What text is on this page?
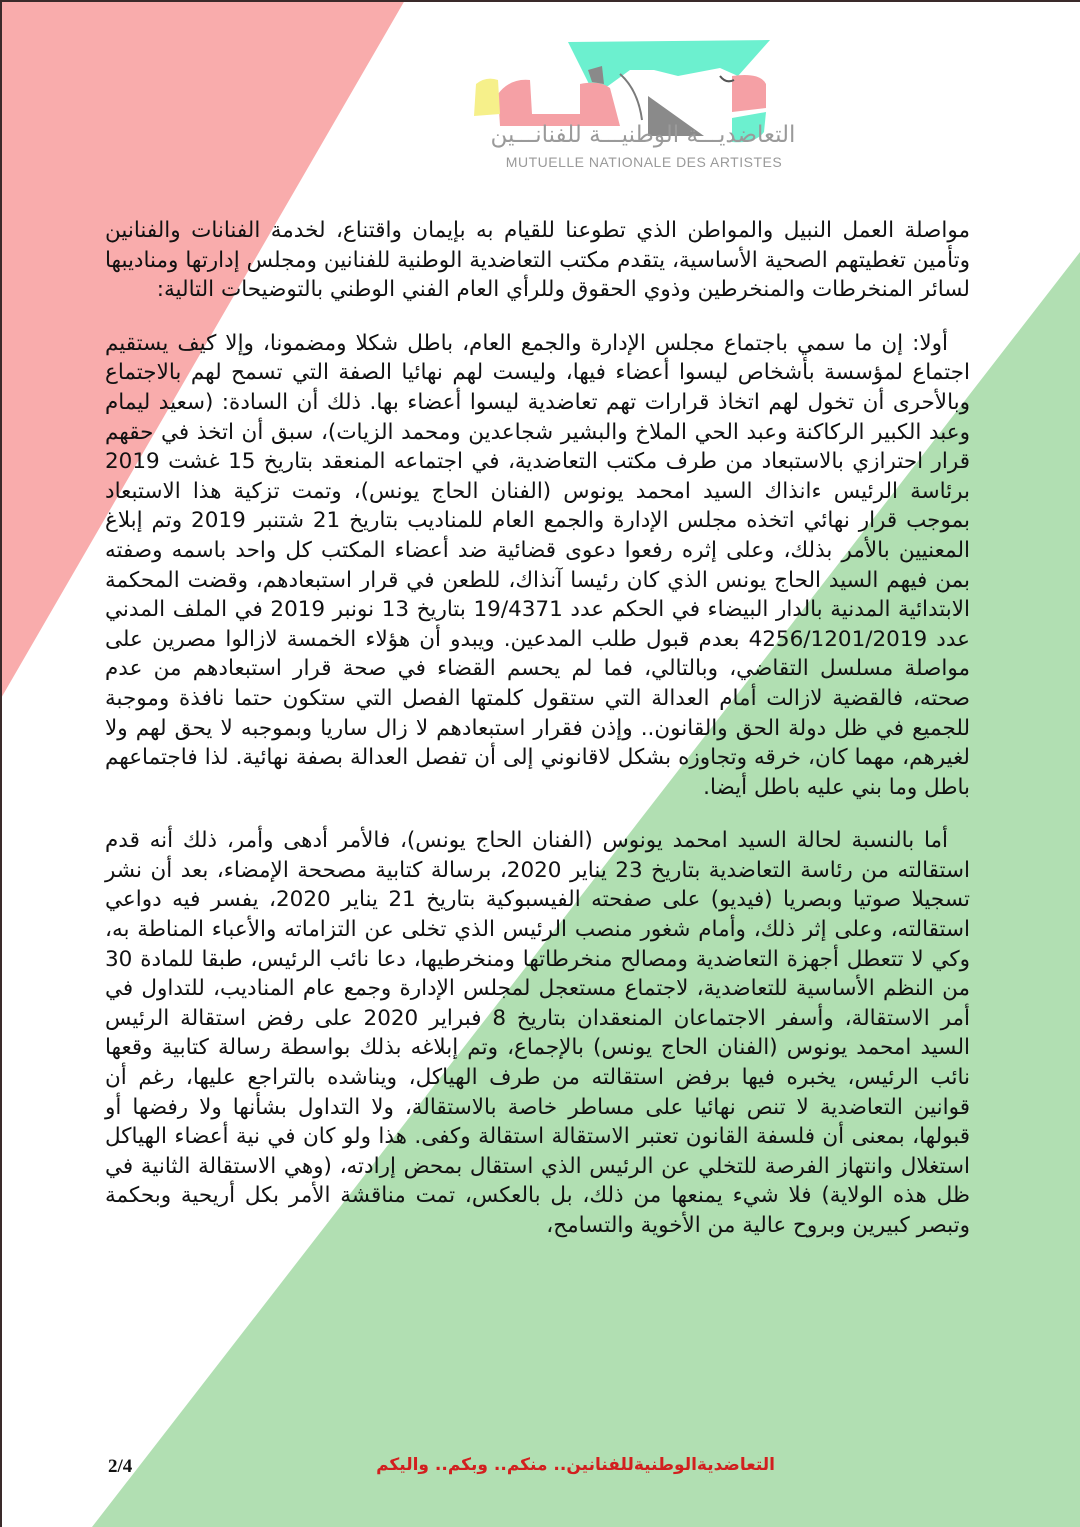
التعاضديـــة الوطنيـــة للفنانـــين
MUTUELLE NATIONALE DES ARTISTES

مواصلة العمل النبيل والمواطن الذي تطوعنا للقيام به بإيمان واقتناع، لخدمة الفنانات والفنانين وتأمين تغطيتهم الصحية الأساسية، يتقدم مكتب التعاضدية الوطنية للفنانين ومجلس إدارتها ومناديبها لسائر المنخرطات والمنخرطين وذوي الحقوق وللرأي العام الفني الوطني بالتوضيحات التالية:

أولا: إن ما سمي باجتماع مجلس الإدارة والجمع العام، باطل شكلا ومضمونا، وإلا كيف يستقيم اجتماع لمؤسسة بأشخاص ليسوا أعضاء فيها، وليست لهم نهائيا الصفة التي تسمح لهم بالاجتماع وبالأحرى أن تخول لهم اتخاذ قرارات تهم تعاضدية ليسوا أعضاء بها. ذلك أن السادة: (سعيد ليمام وعبد الكبير الركاكنة وعبد الحي الملاخ والبشير شجاعدين ومحمد الزيات)، سبق أن اتخذ في حقهم قرار احترازي بالاستبعاد من طرف مكتب التعاضدية، في اجتماعه المنعقد بتاريخ 15 غشت 2019 برئاسة الرئيس ءانذاك السيد امحمد يونوس (الفنان الحاج يونس)، وتمت تزكية هذا الاستبعاد بموجب قرار نهائي اتخذه مجلس الإدارة والجمع العام للمناديب بتاريخ 21 شتنبر 2019 وتم إبلاغ المعنيين بالأمر بذلك، وعلى إثره رفعوا دعوى قضائية ضد أعضاء المكتب كل واحد باسمه وصفته بمن فيهم السيد الحاج يونس الذي كان رئيسا آنذاك، للطعن في قرار استبعادهم، وقضت المحكمة الابتدائية المدنية بالدار البيضاء في الحكم عدد 19/4371 بتاريخ 13 نونبر 2019 في الملف المدني عدد 4256/1201/2019 بعدم قبول طلب المدعين. ويبدو أن هؤلاء الخمسة لازالوا مصرين على مواصلة مسلسل التقاضي، وبالتالي، فما لم يحسم القضاء في صحة قرار استبعادهم من عدم صحته، فالقضية لازالت أمام العدالة التي ستقول كلمتها الفصل التي ستكون حتما نافذة وموجبة للجميع في ظل دولة الحق والقانون.. وإذن فقرار استبعادهم لا زال ساريا وبموجبه لا يحق لهم ولا لغيرهم، مهما كان، خرقه وتجاوزه بشكل لاقانوني إلى أن تفصل العدالة بصفة نهائية. لذا فاجتماعهم باطل وما بني عليه باطل أيضا.

أما بالنسبة لحالة السيد امحمد يونوس (الفنان الحاج يونس)، فالأمر أدهى وأمر، ذلك أنه قدم استقالته من رئاسة التعاضدية بتاريخ 23 يناير 2020، برسالة كتابية مصححة الإمضاء، بعد أن نشر تسجيلا صوتيا وبصريا (فيديو) على صفحته الفيسبوكية بتاريخ 21 يناير 2020، يفسر فيه دواعي استقالته، وعلى إثر ذلك، وأمام شغور منصب الرئيس الذي تخلى عن التزاماته والأعباء المناطة به، وكي لا تتعطل أجهزة التعاضدية ومصالح منخرطاتها ومنخرطيها، دعا نائب الرئيس، طبقا للمادة 30 من النظم الأساسية للتعاضدية، لاجتماع مستعجل لمجلس الإدارة وجمع عام المناديب، للتداول في أمر الاستقالة، وأسفر الاجتماعان المنعقدان بتاريخ 8 فبراير 2020 على رفض استقالة الرئيس السيد امحمد يونوس (الفنان الحاج يونس) بالإجماع، وتم إبلاغه بذلك بواسطة رسالة كتابية وقعها نائب الرئيس، يخبره فيها برفض استقالته من طرف الهياكل، ويناشده بالتراجع عليها، رغم أن قوانين التعاضدية لا تنص نهائيا على مساطر خاصة بالاستقالة، ولا التداول بشأنها ولا رفضها أو قبولها، بمعنى أن فلسفة القانون تعتبر الاستقالة استقالة وكفى. هذا ولو كان في نية أعضاء الهياكل استغلال وانتهاز الفرصة للتخلي عن الرئيس الذي استقال بمحض إرادته، (وهي الاستقالة الثانية في ظل هذه الولاية) فلا شيء يمنعها من ذلك، بل بالعكس، تمت مناقشة الأمر بكل أريحية وبحكمة وتبصر كبيرين وبروح عالية من الأخوية والتسامح،

التعاضديةالوطنيةللفنانين.. منكم.. وبكم.. واليكم
2/4
